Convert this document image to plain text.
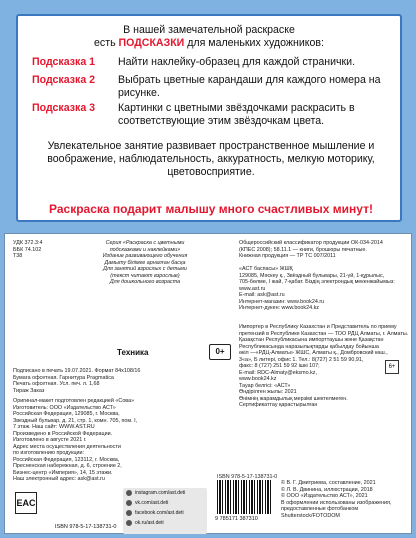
В нашей замечательной раскраске
есть ПОДСКАЗКИ для маленьких художников:
Подсказка 1 Найти наклейку-образец для каждой странички.
Подсказка 2 Выбрать цветные карандаши для каждого номера на рисунке.
Подсказка 3 Картинки с цветными звёздочками раскрасить в соответствующие этим звёздочкам цвета.
Увлекательное занятие развивает пространственное мышление и воображение, наблюдательность, аккуратность, мелкую моторику, цветовосприятие.
Раскраска подарит малышу много счастливых минут!
УДК 372.3:4
ББК 74.102
Т38
Серия «Раскраска с цветными
подсказками и наклейками»
Издание развивающего обучения
Дамыту білімге арналған басқа
Для занятий взрослых с детьми
(текст читают взрослые)
Для дошкольного возраста
Общероссийский классификатор продукции ОК-034-2014
(КПЕС 2008); 58.11.1 — книги, брошюры печатные.
Книжная продукция — ТР ТС 007/2011
«АСТ баспасы» ЖШҚ
129085, Мәскеу қ., Звёздный бульвары, 21-үй, 1-құрылыс,
705-бөлме, I жай, 7-қабат. Біздің электрондық мекенжайымыз:
www.ast.ru
E-mail: ask@ast.ru
Интернет-магазин: www.book24.ru
Интернет-дүкен: www.book24.kz
Техника	0+
6+
Подписано в печать 19.07.2021. Формат 84х108/16
Бумага офсетная. Гарнитура Pragmatica
Печать офсетная. Усл. печ. л. 1,68
Тираж Заказ
Оригинал-макет подготовлен редакцией «Сова»
Изготовитель: ООО «Издательство АСТ»
Российская Федерация, 129085, г. Москва,
Звездный бульвар, д. 21, стр. 1, комн. 705, пом. I,
7 этаж. Наш сайт: WWW.AST.RU
Произведено в Российской Федерации.
Изготовлено в августе 2021 г.
Адрес места осуществления деятельности
по изготовлению продукции:
Российская Федерация, 123112, г. Москва,
Пресненская набережная, д. 6, строение 2,
Бизнес-центр «Империя», 14, 15 этажи.
Наш электронный адрес: ask@ast.ru
Импортер в Республику Казахстан и Представитель по приему
претензий в Республике Казахстан — ТОО РДЦ Алматы, г. Алматы.
Қазақстан Республикасына импорттаушы және Қазақстан
Республикасында наразылықтарды қабылдау бойынша
өкіл —«РДЦ-Алматы» ЖШС, Алматы қ., Домбровский көш.,
3«а», Б литері, офис 1. Тел.: 8(727) 2 51 59 90,91,
факс: 8 (727) 251 59 92 ішкі 107;
E-mail: RDC-Almaty@eksmo.kz,
www.book24.kz
Тауар белгісі: «АСТ»
Өндірілген жылы: 2021
Өнімнің жарамдылық мерзімі шектелмеген.
Сертификаттау қарастырылған
EAC
instagram.com/ast.deti
vk.com/ast.deti
facebook.com/ast.deti
ok.ru/ast.deti
ISBN 978-5-17-138731-0
9 785171 387310
ISBN 978-5-17-138731-0
© В. Г. Дмитриева, составление, 2021
© Л. В. Двинина, иллюстрации, 2018
© ООО «Издательство АСТ», 2021
В оформлении использованы изображения,
предоставленные фотобанком
Shutterstock/FOTODOM
